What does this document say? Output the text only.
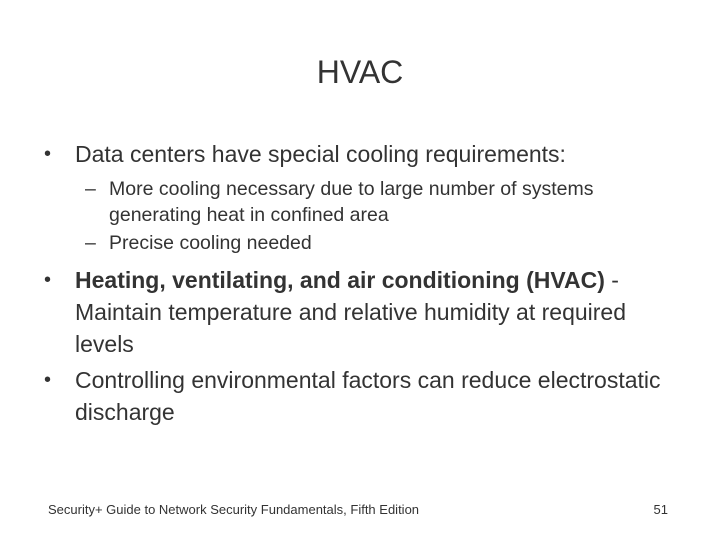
HVAC
• Data centers have special cooling requirements:
– More cooling necessary due to large number of systems generating heat in confined area
– Precise cooling needed
• Heating, ventilating, and air conditioning (HVAC) - Maintain temperature and relative humidity at required levels
• Controlling environmental factors can reduce electrostatic discharge
Security+ Guide to Network Security Fundamentals, Fifth Edition	51
